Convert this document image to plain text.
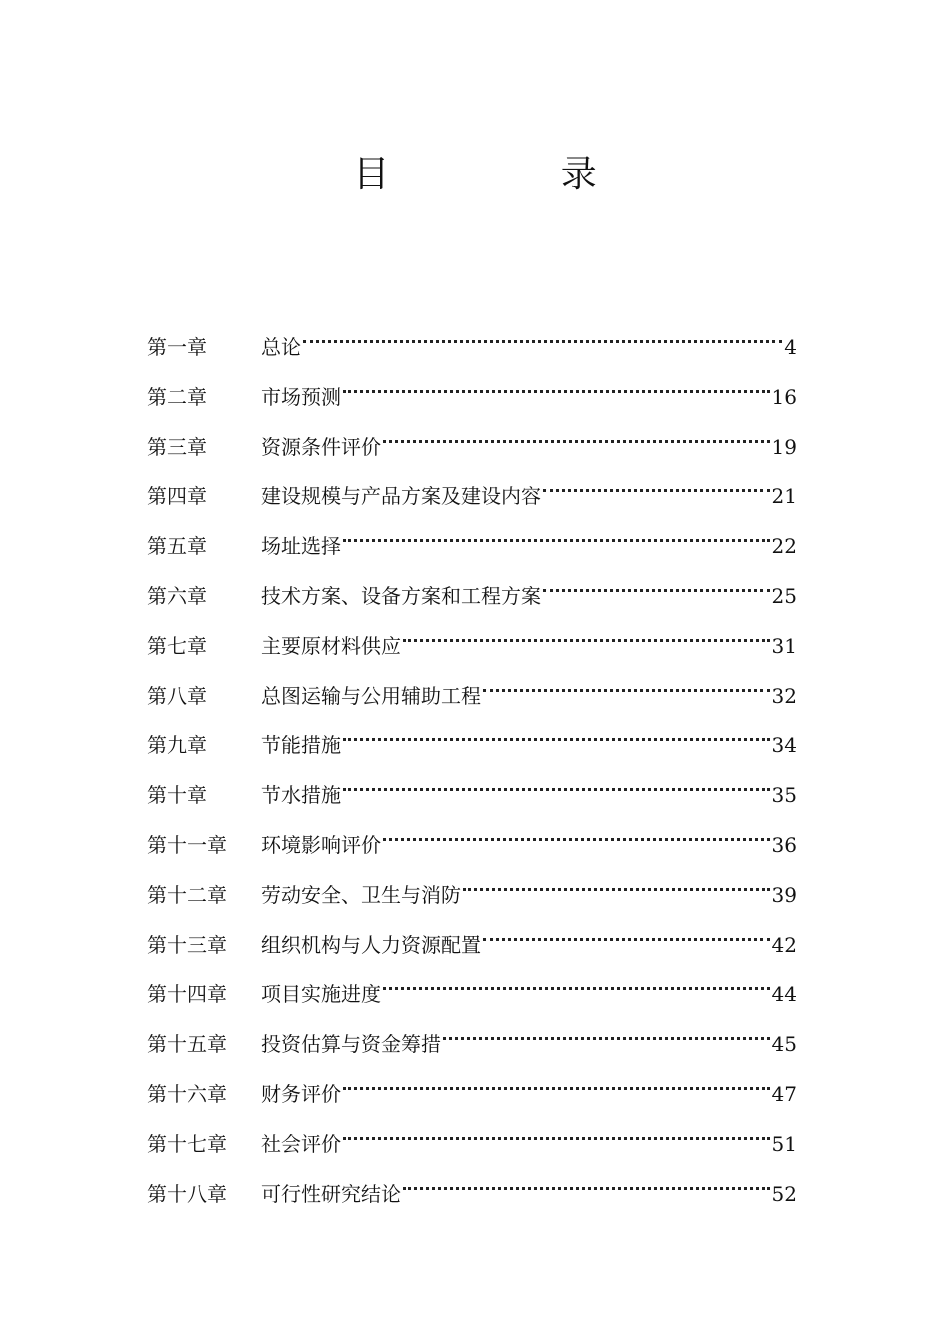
目 录
第一章	总论	4
第二章	市场预测	16
第三章	资源条件评价	19
第四章	建设规模与产品方案及建设内容	21
第五章	场址选择	22
第六章	技术方案、设备方案和工程方案	25
第七章	主要原材料供应	31
第八章	总图运输与公用辅助工程	32
第九章	节能措施	34
第十章	节水措施	35
第十一章	环境影响评价	36
第十二章	劳动安全、卫生与消防	39
第十三章	组织机构与人力资源配置	42
第十四章	项目实施进度	44
第十五章	投资估算与资金筹措	45
第十六章	财务评价	47
第十七章	社会评价	51
第十八章	可行性研究结论	52
